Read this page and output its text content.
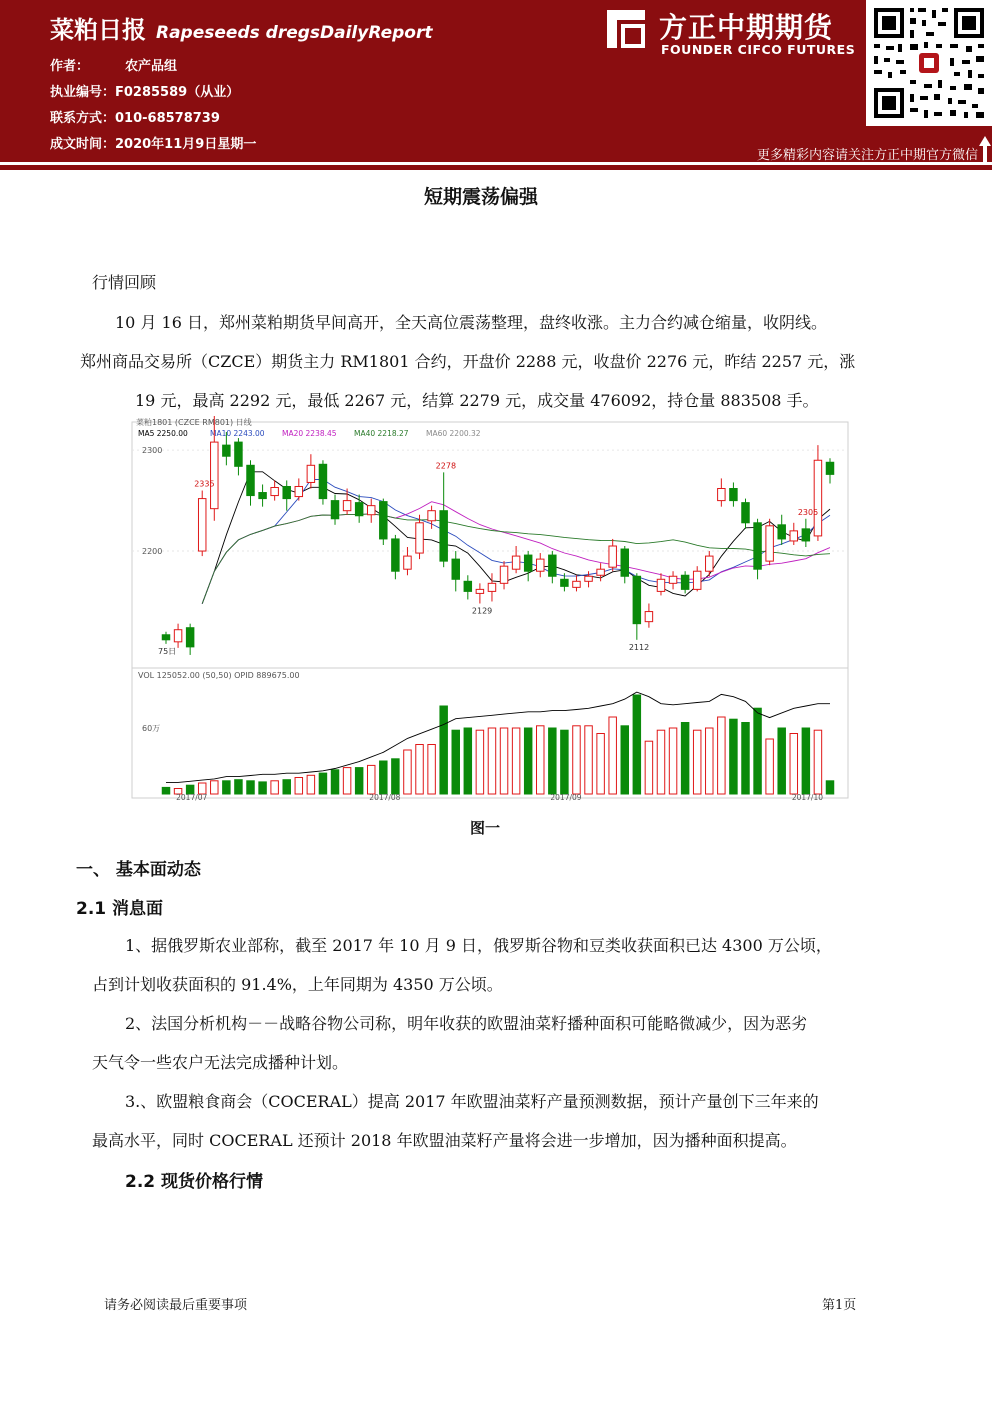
菜粕日报 Rapeseeds dregsDailyReport
作者：	农产品组
执业编号：F0285589（从业）
联系方式：010-68578739
成文时间：2020年11月9日星期一
方正中期期货
FOUNDER CIFCO FUTURES
更多精彩内容请关注方正中期官方微信
短期震荡偏强
行情回顾
10 月 16 日，郑州菜粕期货早间高开，全天高位震荡整理，盘终收涨。主力合约减仓缩量，收阴线。
郑州商品交易所（CZCE）期货主力 RM1801 合约，开盘价 2288 元，收盘价 2276 元，昨结 2257 元，涨
19 元，最高 2292 元，最低 2267 元，结算 2279 元，成交量 476092，持仓量 883508 手。
菜粕1801 (CZCE RM801) 日线
MA5 2250.00	MA10 2243.00 MA20 2238.45 MA40 2218.27 MA60 2200.32
VOL 125052.00 (50,50) OPID 889675.00
2300
2200
2335
2278
2129
2112
2305
75日
60万
2017/07	2017/08	2017/09	2017/10
图一
一、 基本面动态
2.1 消息面
1、据俄罗斯农业部称，截至 2017 年 10 月 9 日，俄罗斯谷物和豆类收获面积已达 4300 万公顷，
占到计划收获面积的 91.4%，上年同期为 4350 万公顷。
2、法国分析机构－－战略谷物公司称，明年收获的欧盟油菜籽播种面积可能略微减少，因为恶劣
天气令一些农户无法完成播种计划。
3.、欧盟粮食商会（COCERAL）提高 2017 年欧盟油菜籽产量预测数据，预计产量创下三年来的
最高水平，同时 COCERAL 还预计 2018 年欧盟油菜籽产量将会进一步增加，因为播种面积提高。
2.2 现货价格行情
请务必阅读最后重要事项	第1页
